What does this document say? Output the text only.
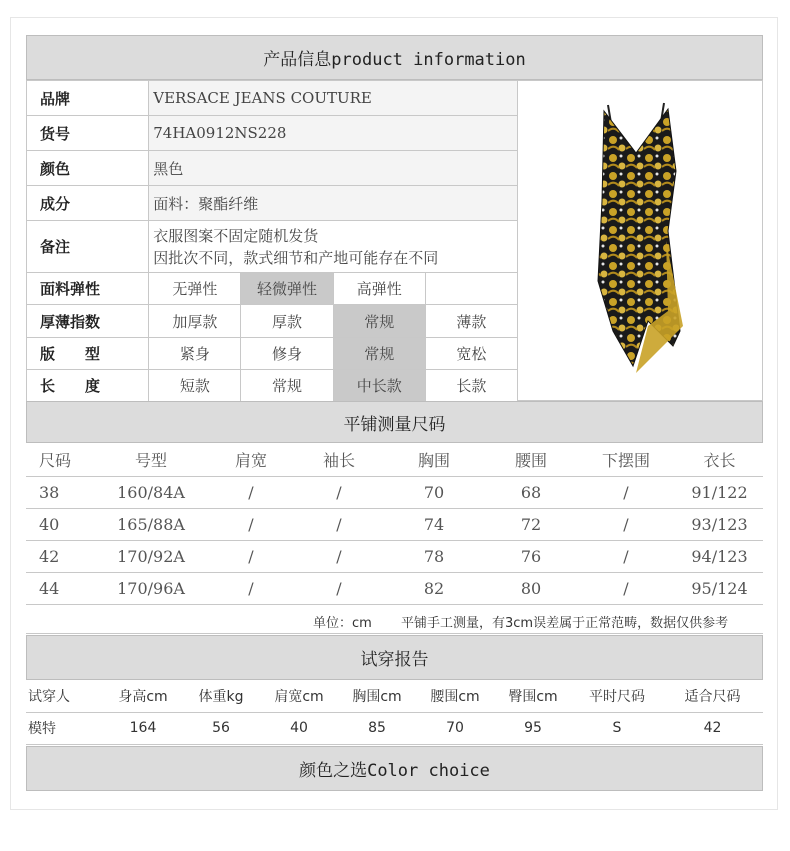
产品信息product information
品牌	VERSACE JEANS COUTURE			
货号	74HA0912NS228			
颜色	黑色			
成分	面料：聚酯纤维			
备注	衣服图案不固定随机发货
因批次不同，款式细节和产地可能存在不同			

面料弹性	无弹性	轻微弹性	高弹性	
厚薄指数	加厚款	厚款	常规	薄款
版　　型	紧身	修身	常规	宽松
长　　度	短款	常规	中长款	长款
平铺测量尺码
尺码	号型	肩宽	袖长	胸围	腰围	下摆围	衣长
38	160/84A	/	/	70	68	/	91/122
40	165/88A	/	/	74	72	/	93/123
42	170/92A	/	/	78	76	/	94/123
44	170/96A	/	/	82	80	/	95/124
单位：cm 平铺手工测量，有3cm误差属于正常范畴，数据仅供参考
试穿报告
试穿人	身高cm	体重kg	肩宽cm	胸围cm	腰围cm	臀围cm	平时尺码	适合尺码
模特	164	56	40	85	70	95	S	42
颜色之选Color choice
